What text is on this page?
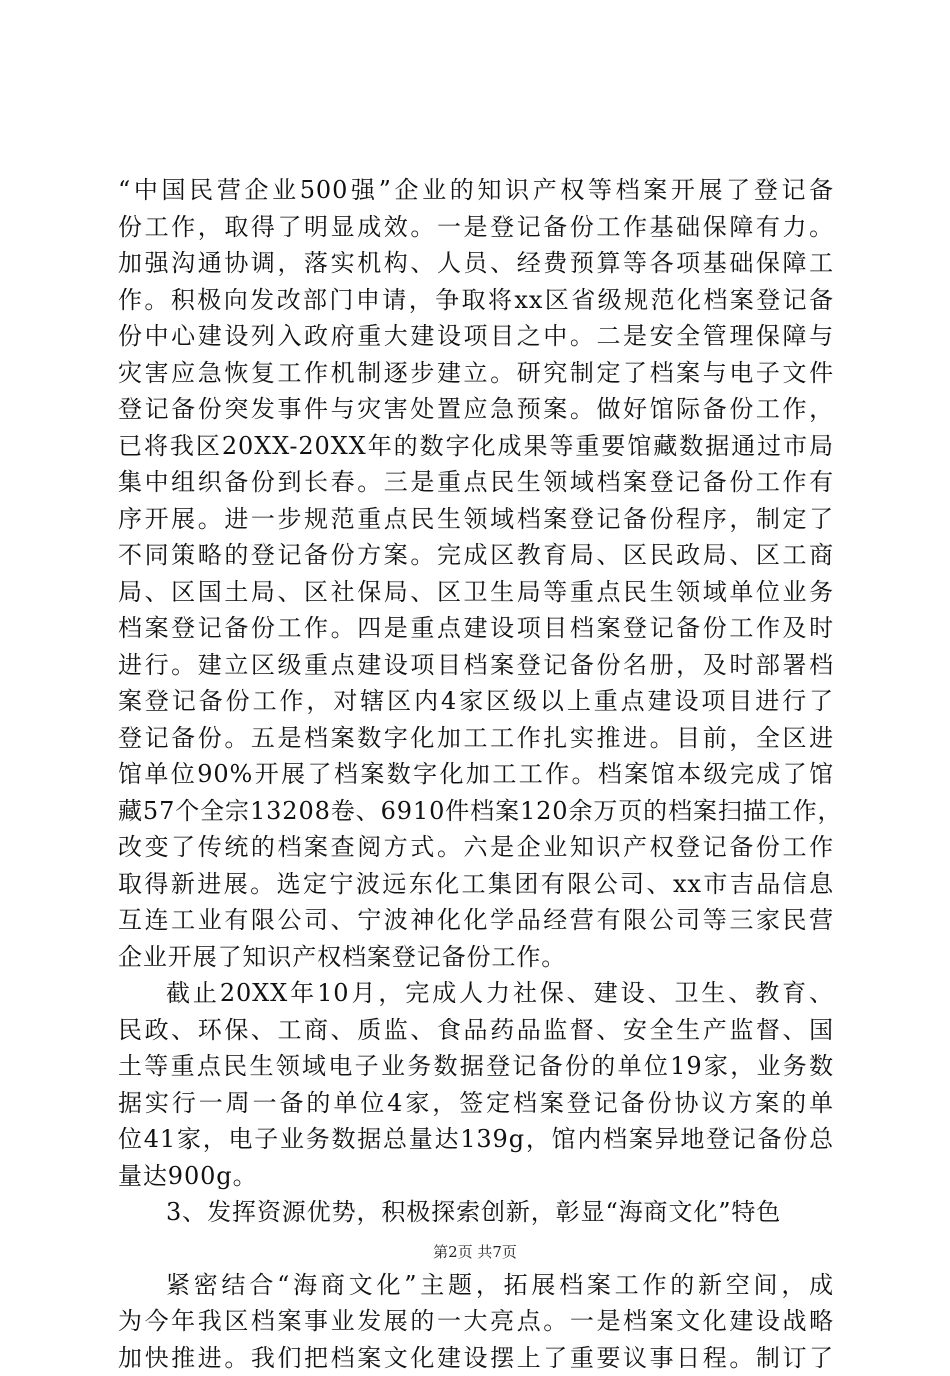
“中国民营企业500强”企业的知识产权等档案开展了登记备
份工作，取得了明显成效。一是登记备份工作基础保障有力。
加强沟通协调，落实机构、人员、经费预算等各项基础保障工
作。积极向发改部门申请，争取将xx区省级规范化档案登记备
份中心建设列入政府重大建设项目之中。二是安全管理保障与
灾害应急恢复工作机制逐步建立。研究制定了档案与电子文件
登记备份突发事件与灾害处置应急预案。做好馆际备份工作，
已将我区20XX-20XX年的数字化成果等重要馆藏数据通过市局
集中组织备份到长春。三是重点民生领域档案登记备份工作有
序开展。进一步规范重点民生领域档案登记备份程序，制定了
不同策略的登记备份方案。完成区教育局、区民政局、区工商
局、区国土局、区社保局、区卫生局等重点民生领域单位业务
档案登记备份工作。四是重点建设项目档案登记备份工作及时
进行。建立区级重点建设项目档案登记备份名册，及时部署档
案登记备份工作，对辖区内4家区级以上重点建设项目进行了
登记备份。五是档案数字化加工工作扎实推进。目前，全区进
馆单位90%开展了档案数字化加工工作。档案馆本级完成了馆
藏57个全宗13208卷、6910件档案120余万页的档案扫描工作，
改变了传统的档案查阅方式。六是企业知识产权登记备份工作
取得新进展。选定宁波远东化工集团有限公司、xx市吉品信息
互连工业有限公司、宁波神化化学品经营有限公司等三家民营
企业开展了知识产权档案登记备份工作。
截止20XX年10月，完成人力社保、建设、卫生、教育、
民政、环保、工商、质监、食品药品监督、安全生产监督、国
土等重点民生领域电子业务数据登记备份的单位19家，业务数
据实行一周一备的单位4家，签定档案登记备份协议方案的单
位41家，电子业务数据总量达139g，馆内档案异地登记备份总
量达900g。
3、发挥资源优势，积极探索创新，彰显“海商文化”特色
紧密结合“海商文化”主题，拓展档案工作的新空间，成
为今年我区档案事业发展的一大亮点。一是档案文化建设战略
加快推进。我们把档案文化建设摆上了重要议事日程。制订了
第2页 共7页
